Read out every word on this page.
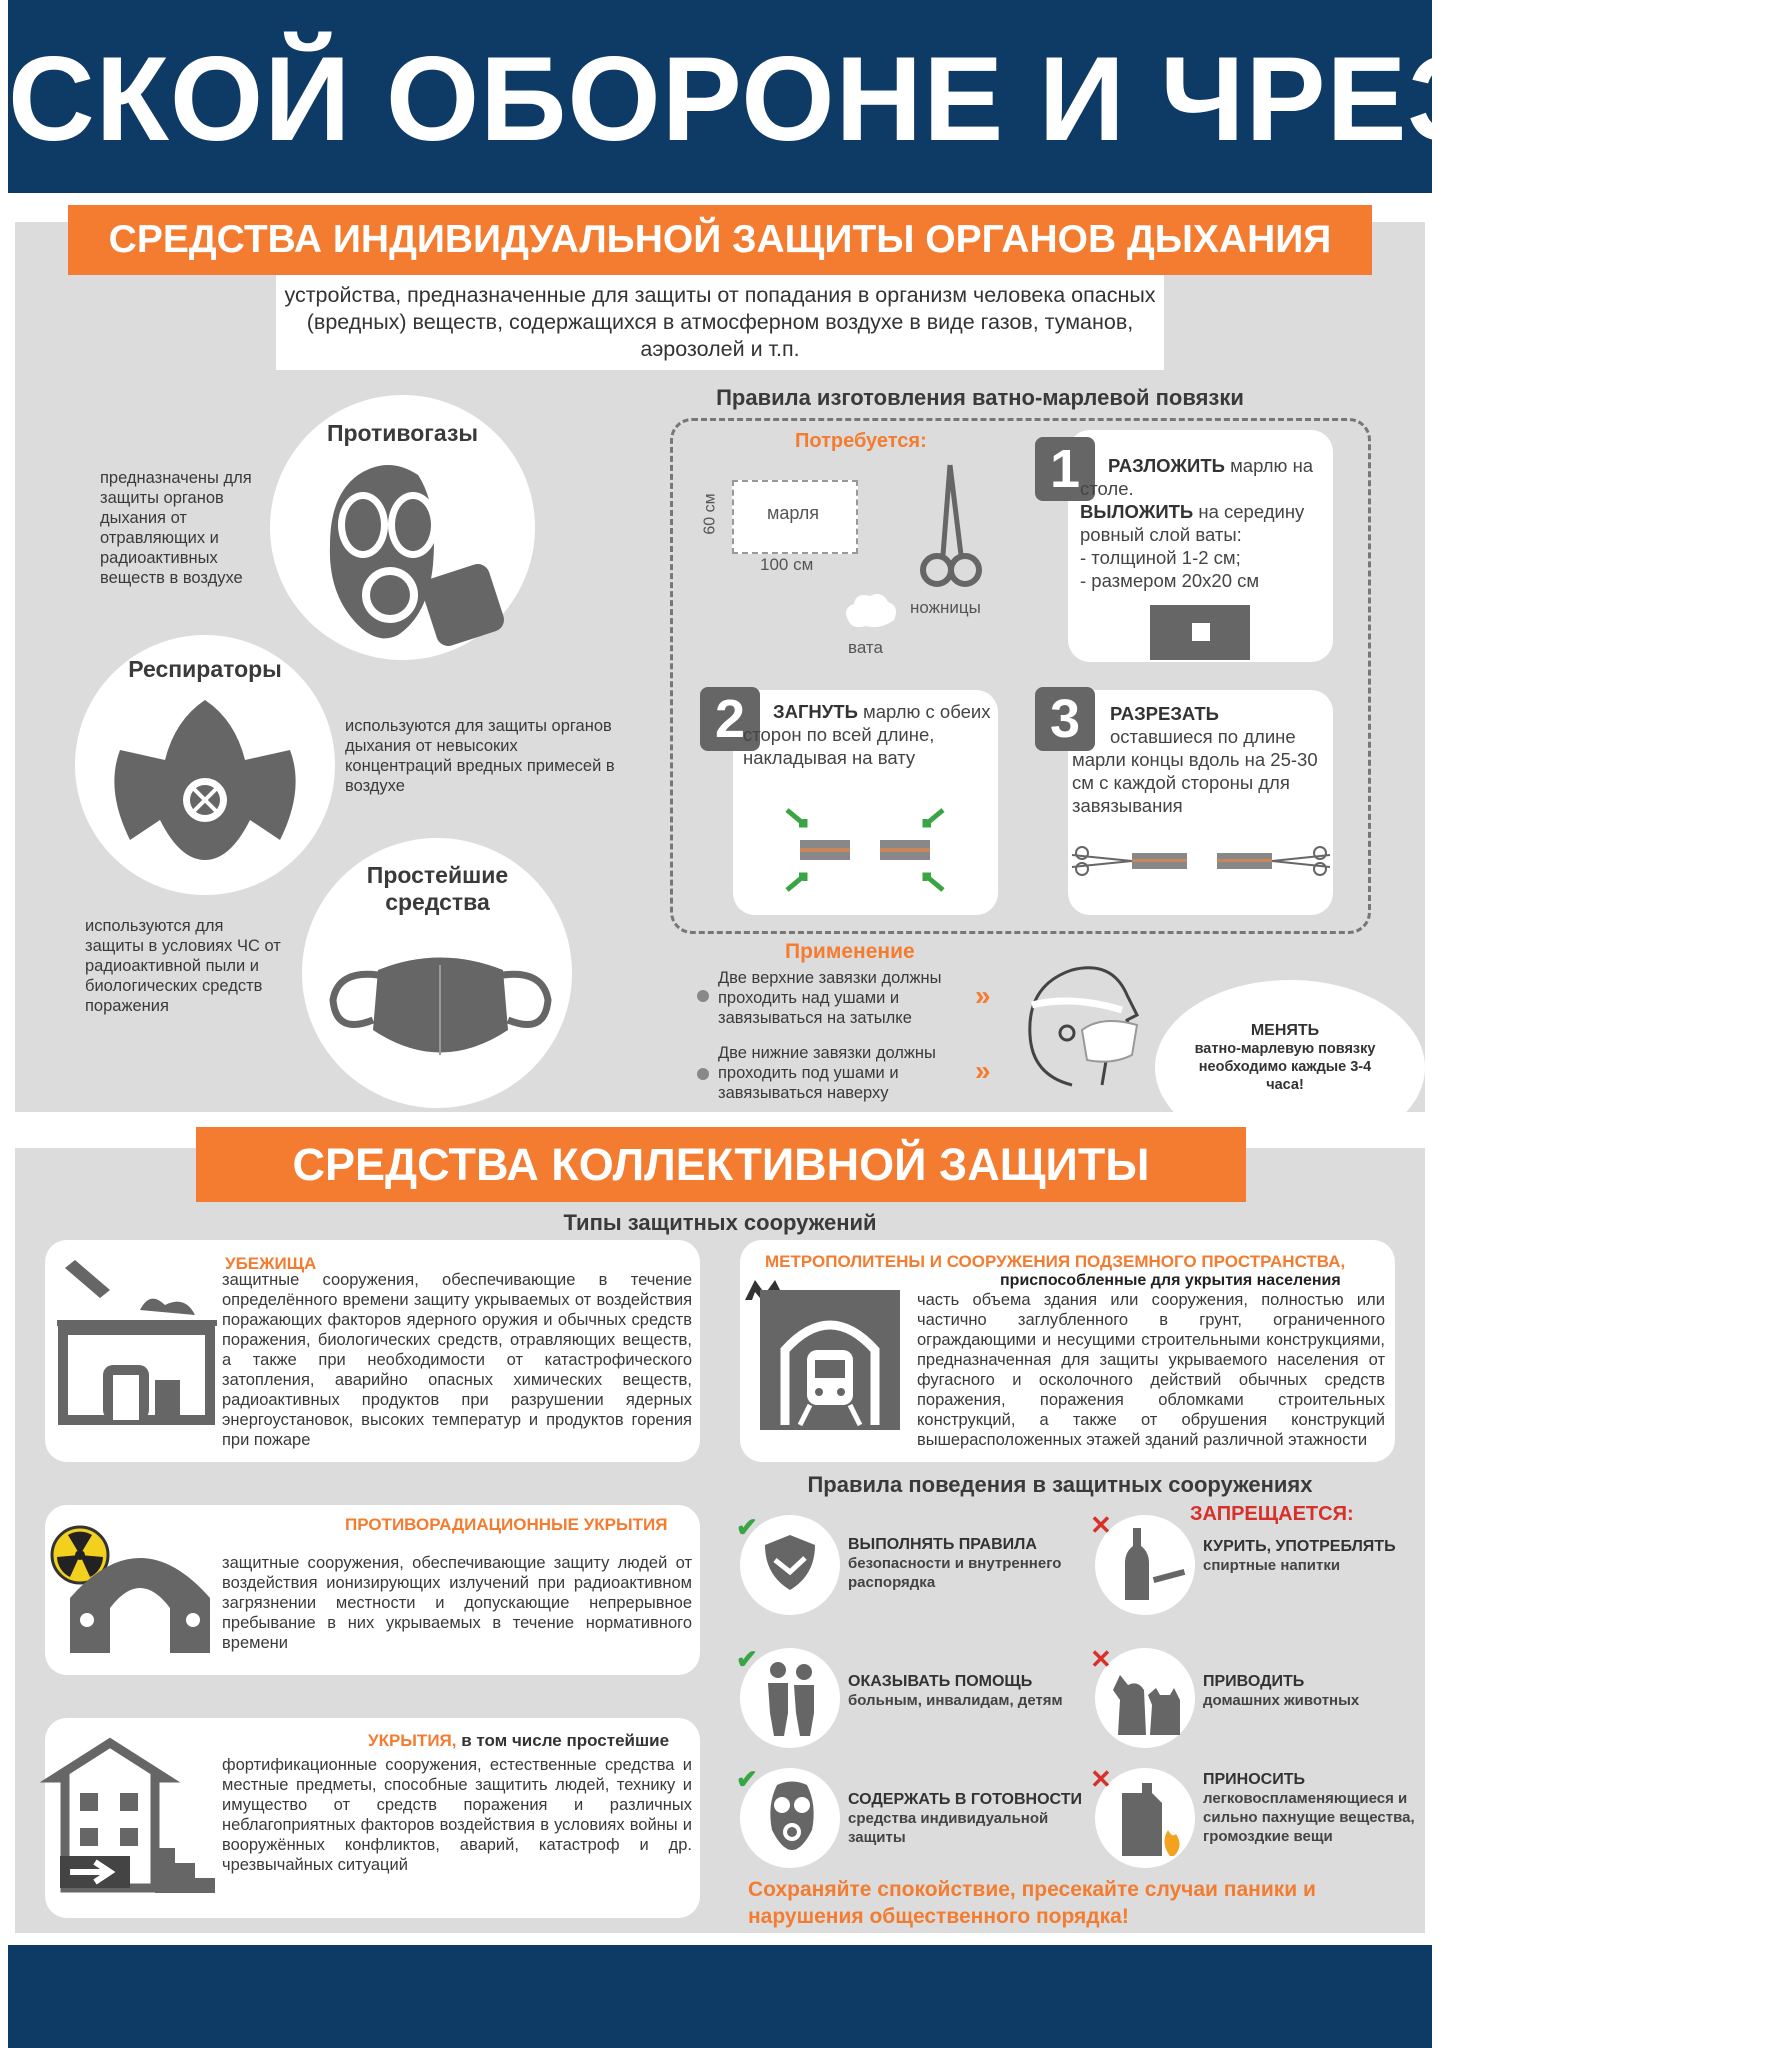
СКОЙ ОБОРОНЕ И ЧРЕЗВЫЧ
СРЕДСТВА ИНДИВИДУАЛЬНОЙ ЗАЩИТЫ ОРГАНОВ ДЫХАНИЯ
устройства, предназначенные для защиты от попадания в организм человека опасных (вредных) веществ, содержащихся в атмосферном воздухе в виде газов, туманов, аэрозолей и т.п.
Противогазы
предназначены для защиты органов дыхания от отравляющих и радиоактивных веществ в воздухе
Респираторы
используются для защиты органов дыхания от невысоких концентраций вредных примесей в воздухе
Простейшие средства
используются для защиты в условиях ЧС от радиоактивной пыли и биологических средств поражения
Правила изготовления ватно-марлевой повязки
Потребуется:
марля
60 см
100 см
ножницы
вата
1	РАЗЛОЖИТЬ марлю на столе.
ВЫЛОЖИТЬ на середину ровный слой ваты:
- толщиной 1-2 см;
- размером 20х20 см
2	ЗАГНУТЬ марлю с обеих сторон по всей длине, накладывая на вату
3	РАЗРЕЗАТЬ
оставшиеся по длине марли концы вдоль на 25-30 см с каждой стороны для завязывания
Применение
Две верхние завязки должны проходить над ушами и завязываться на затылке
»
Две нижние завязки должны проходить под ушами и завязываться наверху
»
МЕНЯТЬ
ватно-марлевую повязку необходимо каждые 3-4 часа!
СРЕДСТВА КОЛЛЕКТИВНОЙ ЗАЩИТЫ
Типы защитных сооружений
УБЕЖИЩА
защитные сооружения, обеспечивающие в течение определённого времени защиту укрываемых от воздействия поражающих факторов ядерного оружия и обычных средств поражения, биологических средств, отравляющих веществ, а также при необходимости от катастрофического затопления, аварийно опасных химических веществ, радиоактивных продуктов при разрушении ядерных энергоустановок, высоких температур и продуктов горения при пожаре
МЕТРОПОЛИТЕНЫ И СООРУЖЕНИЯ ПОДЗЕМНОГО ПРОСТРАНСТВА,
приспособленные для укрытия населения
часть объема здания или сооружения, полностью или частично заглубленного в грунт, ограниченного ограждающими и несущими строительными конструкциями, предназначенная для защиты укрываемого населения от фугасного и осколочного действий обычных средств поражения, поражения обломками строительных конструкций, а также от обрушения конструкций вышерасположенных этажей зданий различной этажности
ПРОТИВОРАДИАЦИОННЫЕ УКРЫТИЯ
защитные сооружения, обеспечивающие защиту людей от воздействия ионизирующих излучений при радиоактивном загрязнении местности и допускающие непрерывное пребывание в них укрываемых в течение нормативного времени
УКРЫТИЯ, в том числе простейшие
фортификационные сооружения, естественные средства и местные предметы, способные защитить людей, технику и имущество от средств поражения и различных неблагоприятных факторов воздействия в условиях войны и вооружённых конфликтов, аварий, катастроф и др. чрезвычайных ситуаций
Правила поведения в защитных сооружениях
ЗАПРЕЩАЕТСЯ:
✔
ВЫПОЛНЯТЬ ПРАВИЛА
безопасности и внутреннего распорядка
✔
ОКАЗЫВАТЬ ПОМОЩЬ
больным, инвалидам, детям
✔
СОДЕРЖАТЬ В ГОТОВНОСТИ
средства индивидуальной защиты
✕
КУРИТЬ, УПОТРЕБЛЯТЬ спиртные напитки
✕
ПРИВОДИТЬ
домашних животных
✕	ПРИНОСИТЬ
легковоспламеняющиеся и сильно пахнущие вещества, громоздкие вещи
Сохраняйте спокойствие, пресекайте случаи паники и нарушения общественного порядка!
